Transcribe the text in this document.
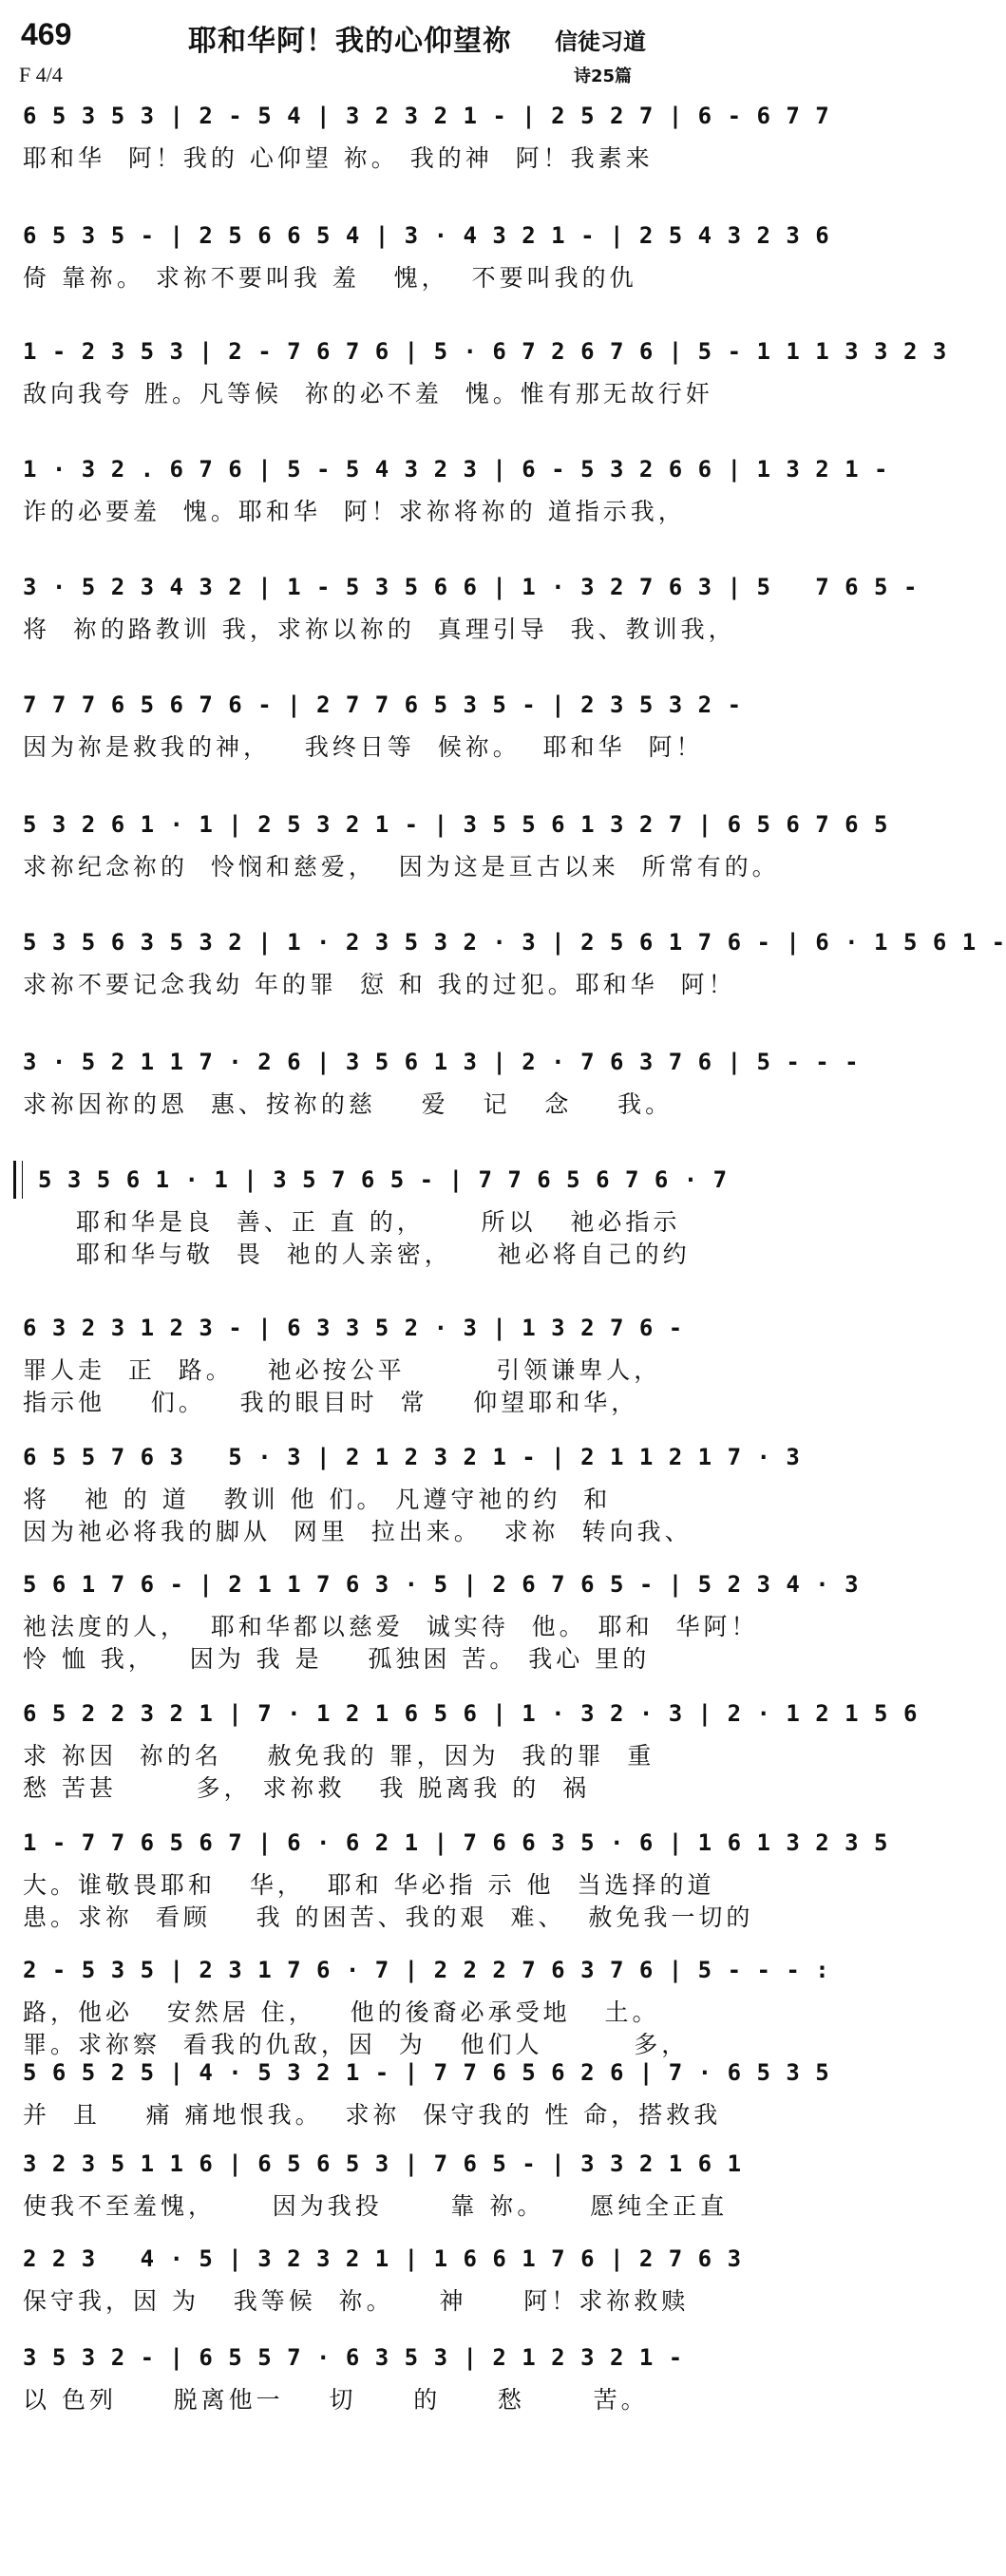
469	耶和华阿！我的心仰望祢 信徒习道
F 4/4	诗25篇
6 5 3 5 3 | 2 - 5 4 | 3 2 3 2 1 - | 2 5 2 7 | 6 - 6 7 7
耶和华  阿！我的 心仰望 祢。 我的神  阿！我素来
6 5 3 5 - | 2 5 6 6 5 4 | 3 · 4 3 2 1 - | 2 5 4 3 2 3 6
倚 靠祢。 求祢不要叫我 羞   愧，  不要叫我的仇
1 - 2 3 5 3 | 2 - 7 6 7 6 | 5 · 6 7 2 6 7 6 | 5 - 1 1 1 3 3 2 3
敌向我夸 胜。凡等候  祢的必不羞  愧。惟有那无故行奸
1 · 3 2 . 6 7 6 | 5 - 5 4 3 2 3 | 6 - 5 3 2 6 6 | 1 3 2 1 -
诈的必要羞  愧。耶和华  阿！求祢将祢的 道指示我，
3 · 5 2 3 4 3 2 | 1 - 5 3 5 6 6 | 1 · 3 2 7 6 3 | 5   7 6 5 -
将  祢的路教训 我，求祢以祢的  真理引导  我、教训我，
7 7 7 6 5 6 7 6 - | 2 7 7 6 5 3 5 - | 2 3 5 3 2 -
因为祢是救我的神，   我终日等  候祢。  耶和华  阿！
5 3 2 6 1 · 1 | 2 5 3 2 1 - | 3 5 5 6 1 3 2 7 | 6 5 6 7 6 5
求祢纪念祢的  怜悯和慈爱，  因为这是亘古以来  所常有的。
5 3 5 6 3 5 3 2 | 1 · 2 3 5 3 2 · 3 | 2 5 6 1 7 6 - | 6 · 1 5 6 1 -
求祢不要记念我幼 年的罪  愆 和 我的过犯。耶和华  阿！
3 · 5 2 1 1 7 · 2 6 | 3 5 6 1 3 | 2 · 7 6 3 7 6 | 5 - - -
求祢因祢的恩  惠、按祢的慈    爱   记   念    我。
5 3 5 6 1 · 1 | 3 5 7 6 5 - | 7 7 6 5 6 7 6 · 7
耶和华是良  善、正 直 的，     所以   祂必指示
耶和华与敬  畏  祂的人亲密，    祂必将自己的约
6 3 2 3 1 2 3 - | 6 3 3 5 2 · 3 | 1 3 2 7 6 -
罪人走  正  路。   祂必按公平        引领谦卑人，
指示他    们。   我的眼目时  常    仰望耶和华，
6 5 5 7 6 3   5 · 3 | 2 1 2 3 2 1 - | 2 1 1 2 1 7 · 3
将   祂 的 道   教训 他 们。 凡遵守祂的约  和
因为祂必将我的脚从  网里  拉出来。  求祢  转向我、
5 6 1 7 6 - | 2 1 1 7 6 3 · 5 | 2 6 7 6 5 - | 5 2 3 4 · 3
祂法度的人，  耶和华都以慈爱  诚实待  他。 耶和  华阿！
怜 恤 我，   因为 我 是    孤独困 苦。 我心 里的
6 5 2 2 3 2 1 | 7 · 1 2 1 6 5 6 | 1 · 3 2 · 3 | 2 · 1 2 1 5 6
求 祢因  祢的名    赦免我的 罪，因为  我的罪  重
愁 苦甚       多， 求祢救   我 脱离我 的  祸
1 - 7 7 6 5 6 7 | 6 · 6 2 1 | 7 6 6 3 5 · 6 | 1 6 1 3 2 3 5
大。谁敬畏耶和   华，  耶和 华必指 示 他  当选择的道
患。求祢  看顾    我 的困苦、我的艰  难、  赦免我一切的
2 - 5 3 5 | 2 3 1 7 6 · 7 | 2 2 2 7 6 3 7 6 | 5 - - - :
路，他必   安然居 住，   他的後裔必承受地   土。
罪。求祢察  看我的仇敌，因  为   他们人        多，
5 6 5 2 5 | 4 · 5 3 2 1 - | 7 7 6 5 6 2 6 | 7 · 6 5 3 5
并  且    痛 痛地恨我。  求祢  保守我的 性 命，搭救我
3 2 3 5 1 1 6 | 6 5 6 5 3 | 7 6 5 - | 3 3 2 1 6 1
使我不至羞愧，     因为我投      靠 祢。    愿纯全正直
2 2 3   4 · 5 | 3 2 3 2 1 | 1 6 6 1 7 6 | 2 7 6 3
保守我，因 为   我等候  祢。    神     阿！求祢救赎
3 5 3 2 - | 6 5 5 7 · 6 3 5 3 | 2 1 2 3 2 1 -
以 色列     脱离他一    切     的     愁      苦。
